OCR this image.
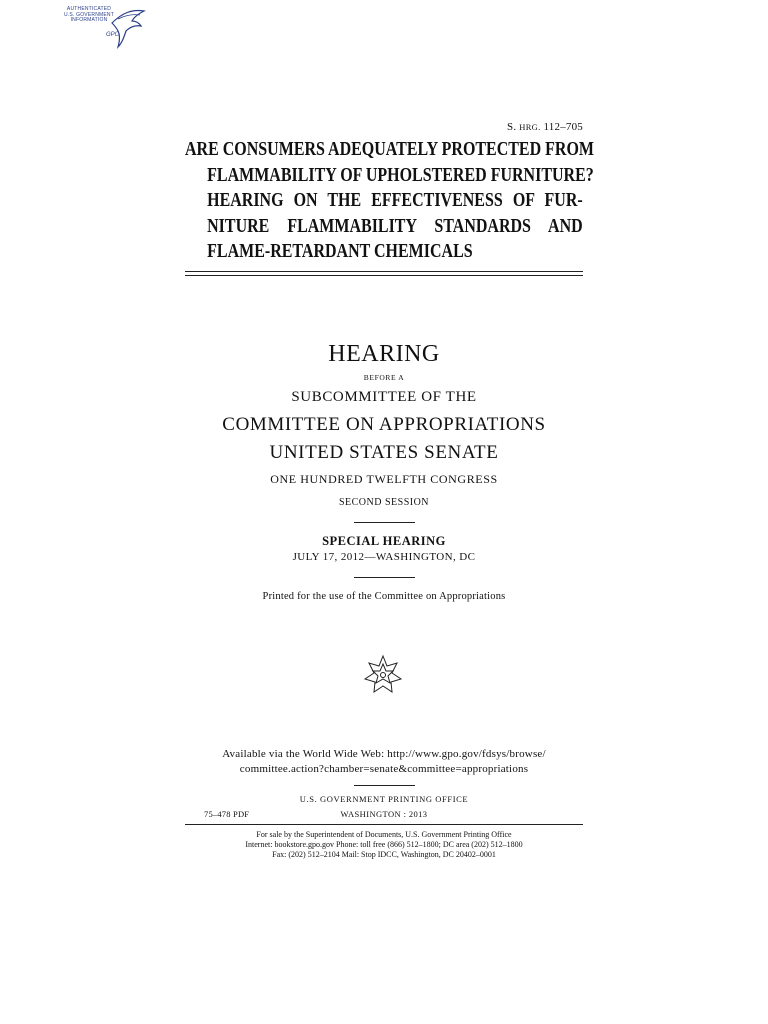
AUTHENTICATED
U.S. GOVERNMENT
INFORMATION
GPO
S. HRG. 112–705
ARE CONSUMERS ADEQUATELY PROTECTED FROM
FLAMMABILITY OF UPHOLSTERED FURNITURE?
HEARING ON THE EFFECTIVENESS OF FUR-
NITURE FLAMMABILITY STANDARDS AND
FLAME-RETARDANT CHEMICALS
HEARING
BEFORE A
SUBCOMMITTEE OF THE
COMMITTEE ON APPROPRIATIONS
UNITED STATES SENATE
ONE HUNDRED TWELFTH CONGRESS
SECOND SESSION
SPECIAL HEARING
JULY 17, 2012—WASHINGTON, DC
Printed for the use of the Committee on Appropriations
Available via the World Wide Web: http://www.gpo.gov/fdsys/browse/
committee.action?chamber=senate&committee=appropriations
U.S. GOVERNMENT PRINTING OFFICE
75–478 PDF	WASHINGTON : 2013
For sale by the Superintendent of Documents, U.S. Government Printing Office
Internet: bookstore.gpo.gov Phone: toll free (866) 512–1800; DC area (202) 512–1800
Fax: (202) 512–2104 Mail: Stop IDCC, Washington, DC 20402–0001
